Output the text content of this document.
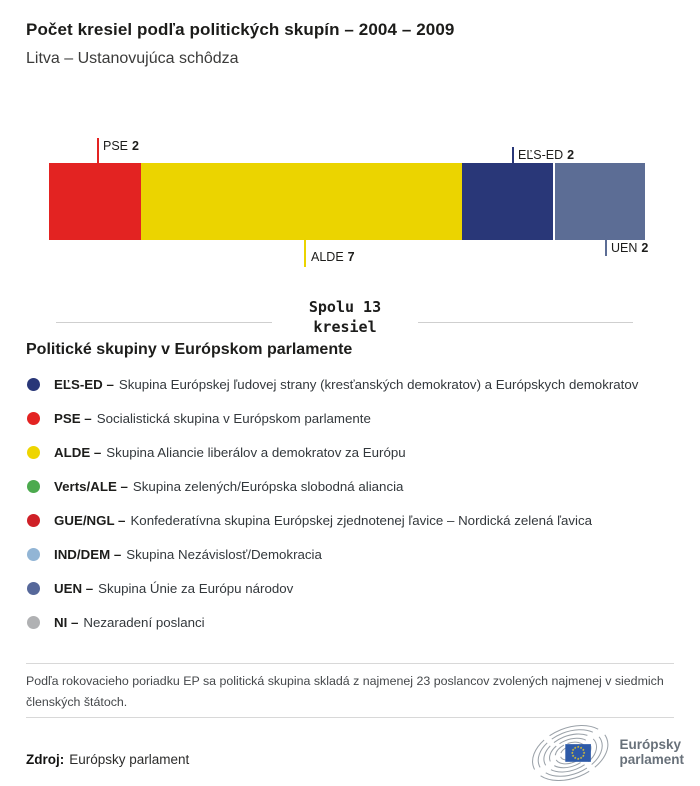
Počet kresiel podľa politických skupín – 2004 – 2009
Litva – Ustanovujúca schôdza
PSE 2
EĽS-ED 2
ALDE 7
UEN 2
Spolu 13
kresiel
Politické skupiny v Európskom parlamente
EĽS-ED – Skupina Európskej ľudovej strany (kresťanských demokratov) a Európskych demokratov
PSE – Socialistická skupina v Európskom parlamente
ALDE – Skupina Aliancie liberálov a demokratov za Európu
Verts/ALE – Skupina zelených/Európska slobodná aliancia
GUE/NGL – Konfederatívna skupina Európskej zjednotenej ľavice – Nordická zelená ľavica
IND/DEM – Skupina Nezávislosť/Demokracia
UEN – Skupina Únie za Európu národov
NI – Nezaradení poslanci
Podľa rokovacieho poriadku EP sa politická skupina skladá z najmenej 23 poslancov zvolených najmenej v siedmich členských štátoch.
Zdroj: Európsky parlament
★ ★
★
★
★
★
★
★
★
★
★
★	Európsky
parlament
